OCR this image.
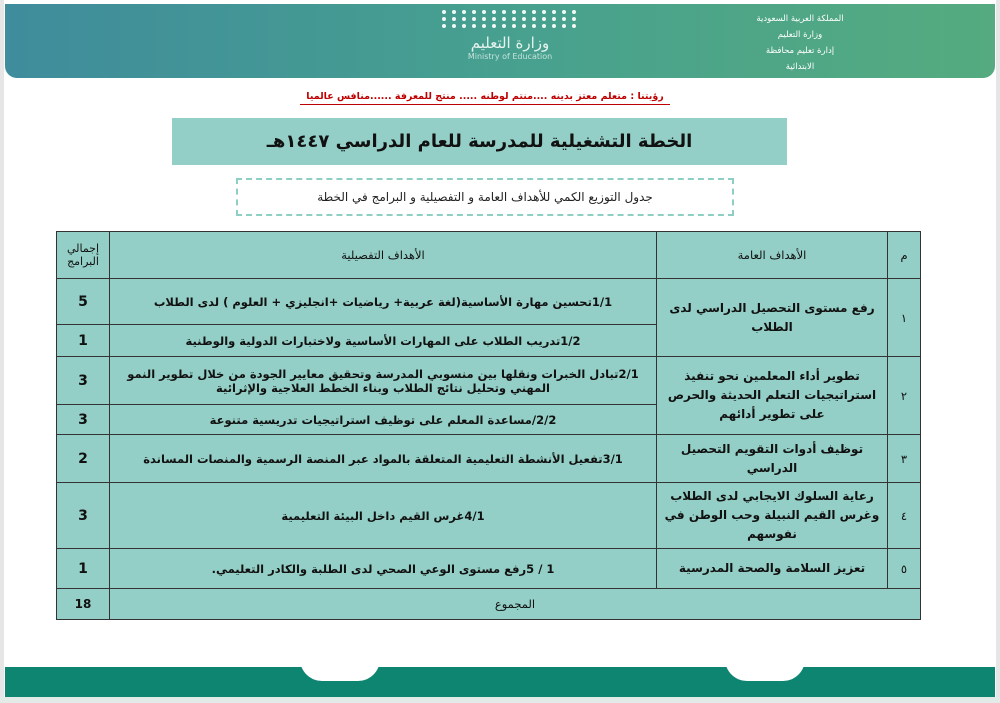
وزارة التعليم
Ministry of Education
المملكة العربية السعودية
وزارة التعليم
إدارة تعليم محافظة
الابتدائية
رؤيتنا : متعلم معتز بدينه ....منتم لوطنه ..... منتج للمعرفة ......منافس عالميا
الخطة التشغيلية للمدرسة للعام الدراسي ١٤٤٧هـ
جدول التوزيع الكمي للأهداف العامة و التفصيلية و البرامج في الخطة
م	الأهداف العامة	الأهداف التفصيلية	إجمالي البرامج
١	رفع مستوى التحصيل الدراسي لدى الطلاب	1/1تحسين مهارة الأساسية(لغة عربية+ رياضيات +انجليزي + العلوم ) لدى الطلاب	5
		1/2تدريب الطلاب على المهارات الأساسية ولاختبارات الدولية والوطنية	1
٢	تطوير أداء المعلمين نحو تنفيذ استراتيجيات التعلم الحديثة والحرص على تطوير أدائهم	2/1تبادل الخبرات ونقلها بين منسوبي المدرسة وتحقيق معايير الجودة من خلال تطوير النمو المهني وتحليل نتائج الطلاب وبناء الخطط العلاجية والإثرائية	3
		2/2/مساعدة المعلم على توظيف استراتيجيات تدريسية متنوعة	3
٣	توظيف أدوات التقويم التحصيل الدراسي	3/1تفعيل الأنشطة التعليمية المتعلقة بالمواد عبر المنصة الرسمية والمنصات المساندة	2
٤	رعاية السلوك الايجابي لدى الطلاب وغرس القيم النبيلة وحب الوطن في نفوسهم	4/1غرس القيم داخل البيئة التعليمية	3
٥	تعزيز السلامة والصحة المدرسية	1 / 5رفع مستوى الوعي الصحي لدى الطلبة والكادر التعليمي.	1
المجموع			18
